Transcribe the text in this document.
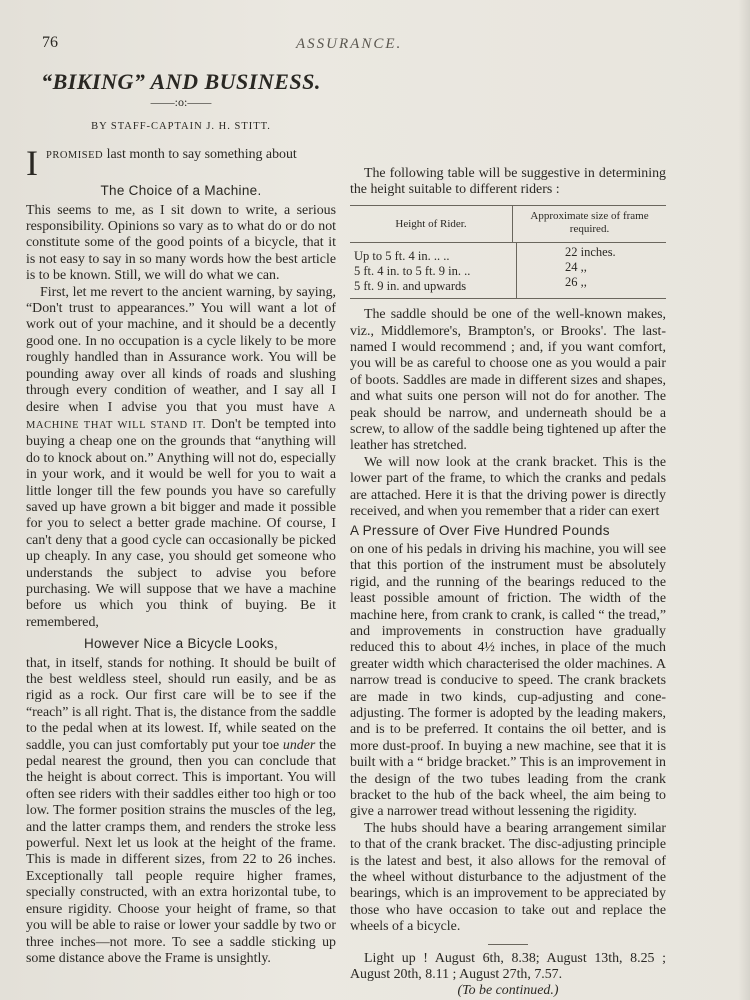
76	ASSURANCE.
“BIKING” AND BUSINESS.
——:o:——
BY STAFF-CAPTAIN J. H. STITT.
I PROMISED last month to say something about
The Choice of a Machine.

This seems to me, as I sit down to write, a serious responsibility. Opinions so vary as to what do or do not constitute some of the good points of a bicycle, that it is not easy to say in so many words how the best article is to be known. Still, we will do what we can.

First, let me revert to the ancient warning, by saying, “Don't trust to appearances.” You will want a lot of work out of your machine, and it should be a decently good one. In no occupation is a cycle likely to be more roughly handled than in Assurance work. You will be pounding away over all kinds of roads and slushing through every condition of weather, and I say all I desire when I advise you that you must have A MACHINE THAT WILL STAND IT. Don't be tempted into buying a cheap one on the grounds that “anything will do to knock about on.” Anything will not do, especially in your work, and it would be well for you to wait a little longer till the few pounds you have so carefully saved up have grown a bit bigger and made it possible for you to select a better grade machine. Of course, I can't deny that a good cycle can occasionally be picked up cheaply. In any case, you should get someone who understands the subject to advise you before purchasing. We will suppose that we have a machine before us which you think of buying. Be it remembered,

However Nice a Bicycle Looks,

that, in itself, stands for nothing. It should be built of the best weldless steel, should run easily, and be as rigid as a rock. Our first care will be to see if the “reach” is all right. That is, the distance from the saddle to the pedal when at its lowest. If, while seated on the saddle, you can just comfortably put your toe under the pedal nearest the ground, then you can conclude that the height is about correct. This is important. You will often see riders with their saddles either too high or too low. The former position strains the muscles of the leg, and the latter cramps them, and renders the stroke less powerful. Next let us look at the height of the frame. This is made in different sizes, from 22 to 26 inches. Exceptionally tall people require higher frames, specially constructed, with an extra horizontal tube, to ensure rigidity. Choose your height of frame, so that you will be able to raise or lower your saddle by two or three inches—not more. To see a saddle sticking up some distance above the Frame is unsightly.

The following table will be suggestive in determining the height suitable to different riders :

Height of Rider.
Approximate size of frame required.
Up to 5 ft. 4 in. .. ..
5 ft. 4 in. to 5 ft. 9 in. ..
5 ft. 9 in. and upwards
22 inches.
24 ,,
26 ,,

The saddle should be one of the well-known makes, viz., Middlemore's, Brampton's, or Brooks'. The last-named I would recommend ; and, if you want comfort, you will be as careful to choose one as you would a pair of boots. Saddles are made in different sizes and shapes, and what suits one person will not do for another. The peak should be narrow, and underneath should be a screw, to allow of the saddle being tightened up after the leather has stretched.

We will now look at the crank bracket. This is the lower part of the frame, to which the cranks and pedals are attached. Here it is that the driving power is directly received, and when you remember that a rider can exert

A Pressure of Over Five Hundred Pounds

on one of his pedals in driving his machine, you will see that this portion of the instrument must be absolutely rigid, and the running of the bearings reduced to the least possible amount of friction. The width of the machine here, from crank to crank, is called “ the tread,” and improvements in construction have gradually reduced this to about 4½ inches, in place of the much greater width which characterised the older machines. A narrow tread is conducive to speed. The crank brackets are made in two kinds, cup-adjusting and cone-adjusting. The former is adopted by the leading makers, and is to be preferred. It contains the oil better, and is more dust-proof. In buying a new machine, see that it is built with a “ bridge bracket.” This is an improvement in the design of the two tubes leading from the crank bracket to the hub of the back wheel, the aim being to give a narrower tread without lessening the rigidity.

The hubs should have a bearing arrangement similar to that of the crank bracket. The disc-adjusting principle is the latest and best, it also allows for the removal of the wheel without disturbance to the adjustment of the bearings, which is an improvement to be appreciated by those who have occasion to take out and replace the wheels of a bicycle.

Light up ! August 6th, 8.38; August 13th, 8.25 ; August 20th, 8.11 ; August 27th, 7.57.

(To be continued.)
